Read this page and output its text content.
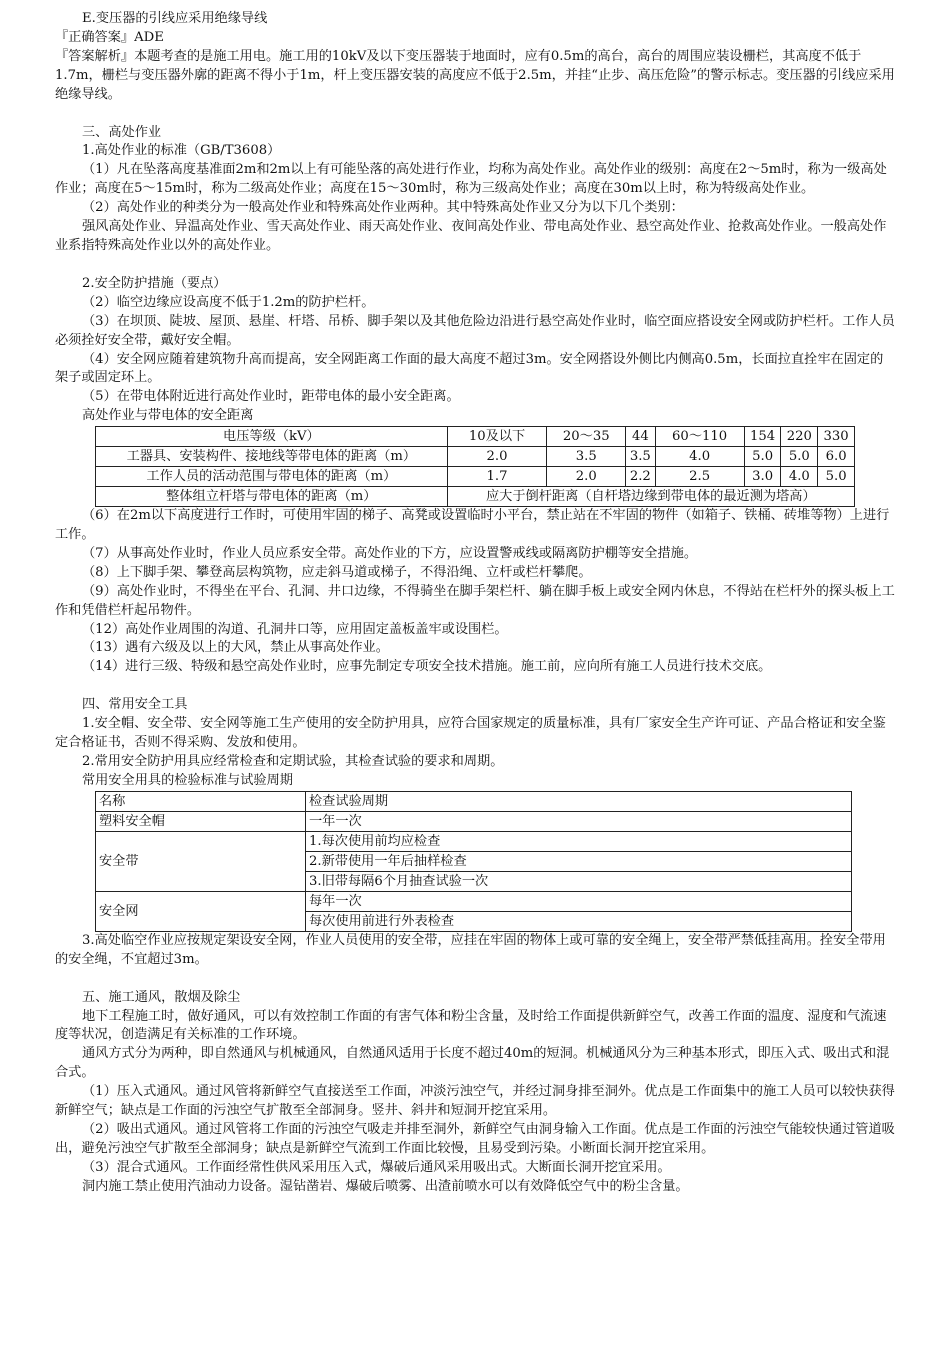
E.变压器的引线应采用绝缘导线

『正确答案』ADE

『答案解析』本题考查的是施工用电。施工用的10kV及以下变压器装于地面时，应有0.5m的高台，高台的周围应装设栅栏，其高度不低于1.7m，栅栏与变压器外廓的距离不得小于1m，杆上变压器安装的高度应不低于2.5m，并挂“止步、高压危险”的警示标志。变压器的引线应采用绝缘导线。

三、高处作业

1.高处作业的标准（GB/T3608）

（1）凡在坠落高度基准面2m和2m以上有可能坠落的高处进行作业，均称为高处作业。高处作业的级别：高度在2～5m时，称为一级高处作业；高度在5～15m时，称为二级高处作业；高度在15～30m时，称为三级高处作业；高度在30m以上时，称为特级高处作业。

（2）高处作业的种类分为一般高处作业和特殊高处作业两种。其中特殊高处作业又分为以下几个类别：

强风高处作业、异温高处作业、雪天高处作业、雨天高处作业、夜间高处作业、带电高处作业、悬空高处作业、抢救高处作业。一般高处作业系指特殊高处作业以外的高处作业。

2.安全防护措施（要点）

（2）临空边缘应设高度不低于1.2m的防护栏杆。

（3）在坝顶、陡坡、屋顶、悬崖、杆塔、吊桥、脚手架以及其他危险边沿进行悬空高处作业时，临空面应搭设安全网或防护栏杆。工作人员必须拴好安全带，戴好安全帽。

（4）安全网应随着建筑物升高而提高，安全网距离工作面的最大高度不超过3m。安全网搭设外侧比内侧高0.5m，长面拉直拴牢在固定的架子或固定环上。

（5）在带电体附近进行高处作业时，距带电体的最小安全距离。

高处作业与带电体的安全距离

电压等级（kV）	10及以下	20～35	44	60～110	154	220	330
工器具、安装构件、接地线等带电体的距离（m）	2.0	3.5	3.5	4.0	5.0	5.0	6.0
工作人员的活动范围与带电体的距离（m）	1.7	2.0	2.2	2.5	3.0	4.0	5.0
整体组立杆塔与带电体的距离（m）	应大于倒杆距离（自杆塔边缘到带电体的最近测为塔高）						

（6）在2m以下高度进行工作时，可使用牢固的梯子、高凳或设置临时小平台，禁止站在不牢固的物件（如箱子、铁桶、砖堆等物）上进行工作。

（7）从事高处作业时，作业人员应系安全带。高处作业的下方，应设置警戒线或隔离防护棚等安全措施。

（8）上下脚手架、攀登高层构筑物，应走斜马道或梯子，不得沿绳、立杆或栏杆攀爬。

（9）高处作业时，不得坐在平台、孔洞、井口边缘，不得骑坐在脚手架栏杆、躺在脚手板上或安全网内休息，不得站在栏杆外的探头板上工作和凭借栏杆起吊物件。

（12）高处作业周围的沟道、孔洞井口等，应用固定盖板盖牢或设围栏。

（13）遇有六级及以上的大风，禁止从事高处作业。

（14）进行三级、特级和悬空高处作业时，应事先制定专项安全技术措施。施工前，应向所有施工人员进行技术交底。

四、常用安全工具

1.安全帽、安全带、安全网等施工生产使用的安全防护用具，应符合国家规定的质量标准，具有厂家安全生产许可证、产品合格证和安全鉴定合格证书，否则不得采购、发放和使用。

2.常用安全防护用具应经常检查和定期试验，其检查试验的要求和周期。

常用安全用具的检验标准与试验周期

名称	检查试验周期
塑料安全帽	一年一次
安全带	1.每次使用前均应检查
	2.新带使用一年后抽样检查
	3.旧带每隔6个月抽查试验一次
安全网	每年一次
	每次使用前进行外表检查

3.高处临空作业应按规定架设安全网，作业人员使用的安全带，应挂在牢固的物体上或可靠的安全绳上，安全带严禁低挂高用。拴安全带用的安全绳，不宜超过3m。

五、施工通风，散烟及除尘

地下工程施工时，做好通风，可以有效控制工作面的有害气体和粉尘含量，及时给工作面提供新鲜空气，改善工作面的温度、湿度和气流速度等状况，创造满足有关标准的工作环境。

通风方式分为两种，即自然通风与机械通风，自然通风适用于长度不超过40m的短洞。机械通风分为三种基本形式，即压入式、吸出式和混合式。

（1）压入式通风。通过风管将新鲜空气直接送至工作面，冲淡污浊空气，并经过洞身排至洞外。优点是工作面集中的施工人员可以较快获得新鲜空气；缺点是工作面的污浊空气扩散至全部洞身。竖井、斜井和短洞开挖宜采用。

（2）吸出式通风。通过风管将工作面的污浊空气吸走并排至洞外，新鲜空气由洞身输入工作面。优点是工作面的污浊空气能较快通过管道吸出，避免污浊空气扩散至全部洞身；缺点是新鲜空气流到工作面比较慢，且易受到污染。小断面长洞开挖宜采用。

（3）混合式通风。工作面经常性供风采用压入式，爆破后通风采用吸出式。大断面长洞开挖宜采用。

洞内施工禁止使用汽油动力设备。湿钻凿岩、爆破后喷雾、出渣前喷水可以有效降低空气中的粉尘含量。
